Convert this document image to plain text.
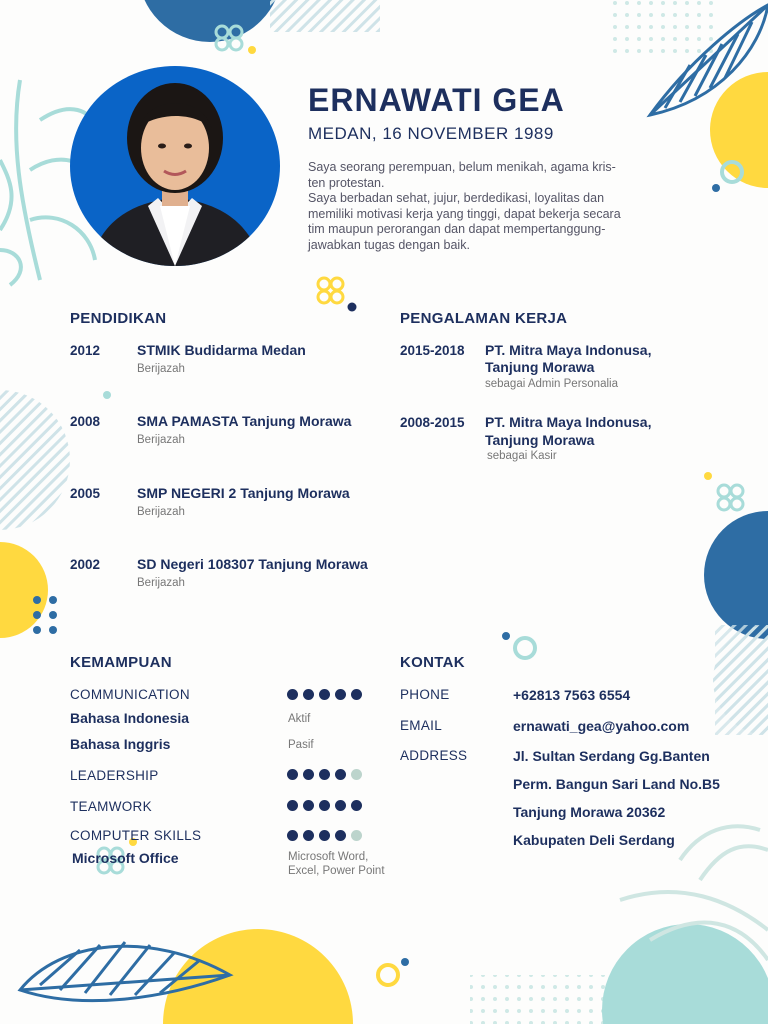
ERNAWATI GEA
MEDAN, 16 NOVEMBER 1989

Saya seorang perempuan, belum menikah, agama kris-

ten protestan.

Saya berbadan sehat, jujur, berdedikasi, loyalitas dan

memiliki motivasi kerja yang tinggi, dapat bekerja secara

tim maupun perorangan dan dapat mempertanggung-

jawabkan tugas dengan baik.

PENDIDIKAN
2012	STMIK Budidarma Medan
Berijazah
2008	SMA PAMASTA Tanjung Morawa
Berijazah
2005	SMP NEGERI 2 Tanjung Morawa
Berijazah
2002	SD Negeri 108307 Tanjung Morawa
Berijazah
PENGALAMAN KERJA
2015-2018 PT. Mitra Maya Indonusa,
Tanjung Morawa
sebagai Admin Personalia
2008-2015 PT. Mitra Maya Indonusa,
Tanjung Morawa
sebagai Kasir
KEMAMPUAN
COMMUNICATION
Bahasa Indonesia	Aktif
Bahasa Inggris	Pasif
LEADERSHIP
TEAMWORK
COMPUTER SKILLS
Microsoft Office	Microsoft Word,
Excel, Power Point
KONTAK
PHONE	+62813 7563 6554
EMAIL	ernawati_gea@yahoo.com
ADDRESS	Jl. Sultan Serdang Gg.Banten
Perm. Bangun Sari Land No.B5
Tanjung Morawa 20362
Kabupaten Deli Serdang
